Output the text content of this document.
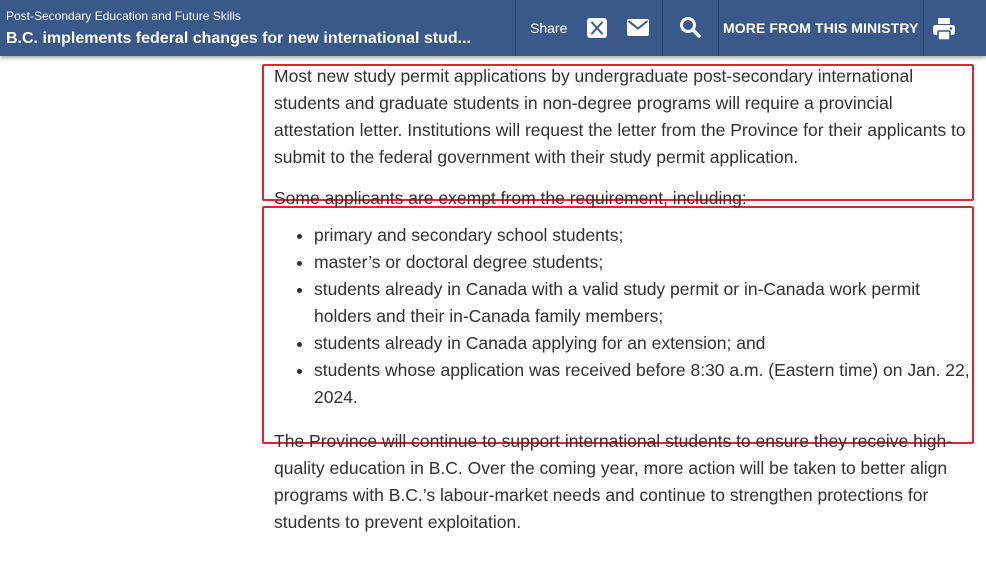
Post-Secondary Education and Future Skills
B.C. implements federal changes for new international stud...
Share	MORE FROM THIS MINISTRY

Most new study permit applications by undergraduate post-secondary international students and graduate students in non-degree programs will require a provincial attestation letter. Institutions will request the letter from the Province for their applicants to submit to the federal government with their study permit application.

Some applicants are exempt from the requirement, including:

• primary and secondary school students;
• master’s or doctoral degree students;
• students already in Canada with a valid study permit or in-Canada work permit holders and their in-Canada family members;
• students already in Canada applying for an extension; and
• students whose application was received before 8:30 a.m. (Eastern time) on Jan. 22, 2024.

The Province will continue to support international students to ensure they receive high-quality education in B.C. Over the coming year, more action will be taken to better align programs with B.C.’s labour-market needs and continue to strengthen protections for students to prevent exploitation.
